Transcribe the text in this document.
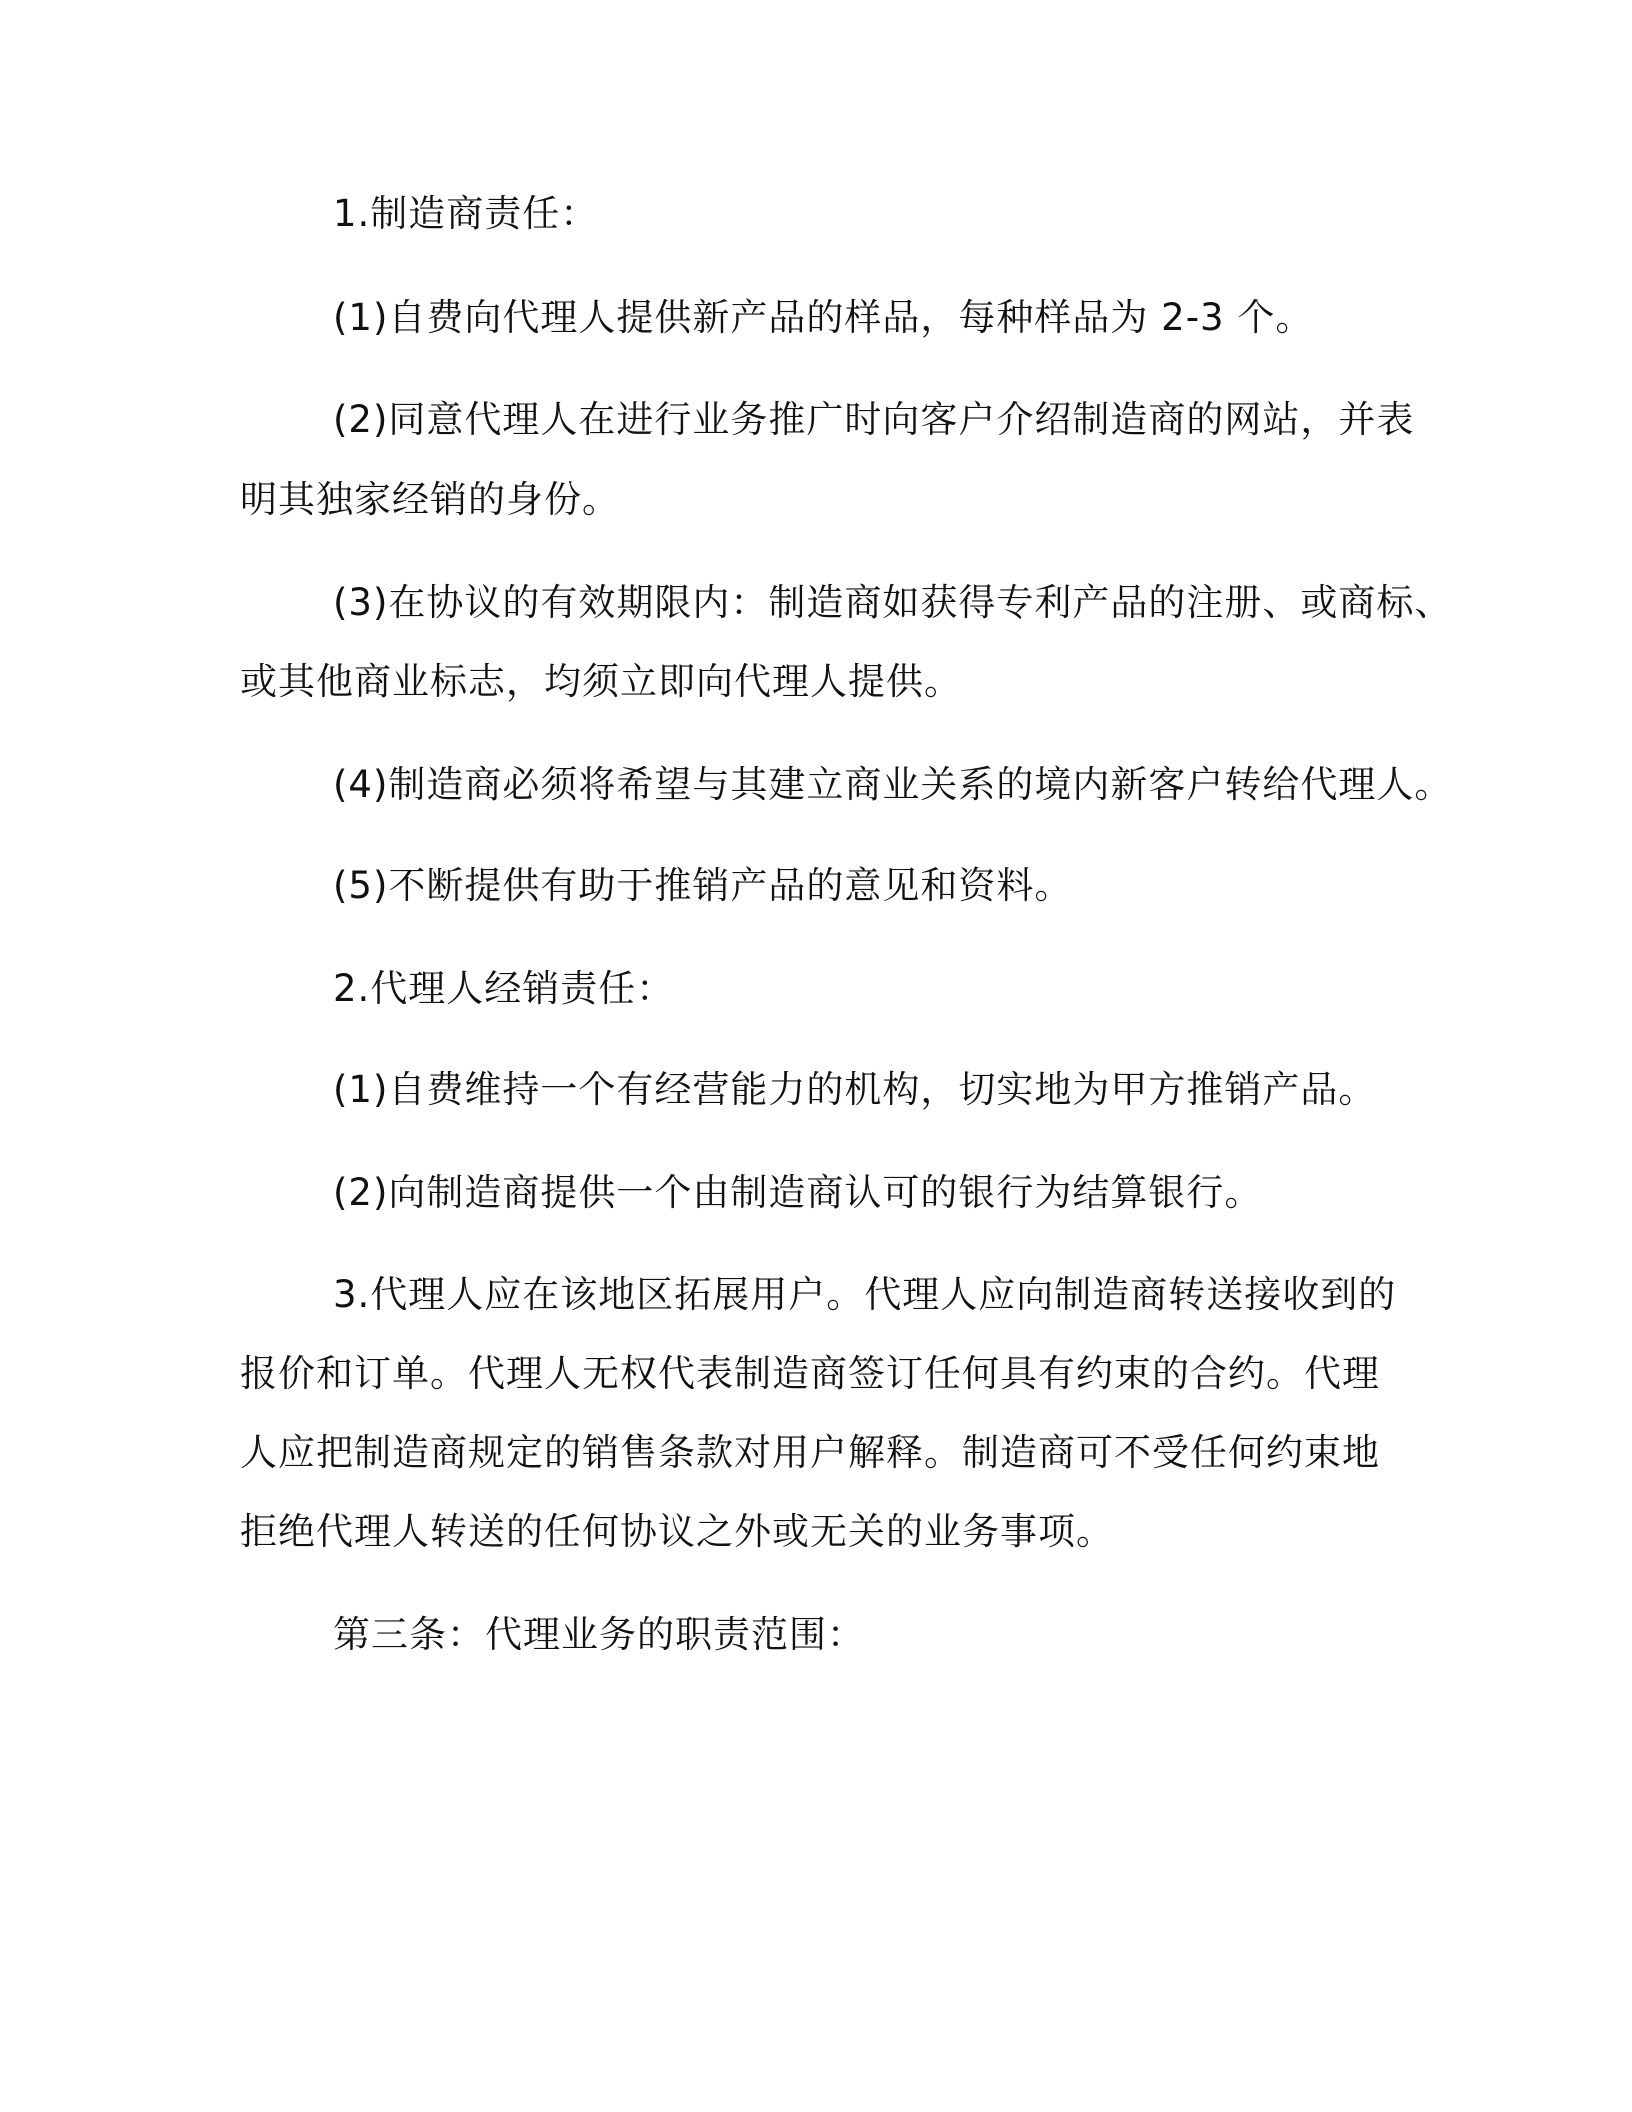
1.制造商责任：
(1)自费向代理人提供新产品的样品，每种样品为 2-3 个。
(2)同意代理人在进行业务推广时向客户介绍制造商的网站，并表
明其独家经销的身份。
(3)在协议的有效期限内：制造商如获得专利产品的注册、或商标、
或其他商业标志，均须立即向代理人提供。
(4)制造商必须将希望与其建立商业关系的境内新客户转给代理人。
(5)不断提供有助于推销产品的意见和资料。
2.代理人经销责任：
(1)自费维持一个有经营能力的机构，切实地为甲方推销产品。
(2)向制造商提供一个由制造商认可的银行为结算银行。
3.代理人应在该地区拓展用户。代理人应向制造商转送接收到的
报价和订单。代理人无权代表制造商签订任何具有约束的合约。代理
人应把制造商规定的销售条款对用户解释。制造商可不受任何约束地
拒绝代理人转送的任何协议之外或无关的业务事项。
第三条：代理业务的职责范围：
